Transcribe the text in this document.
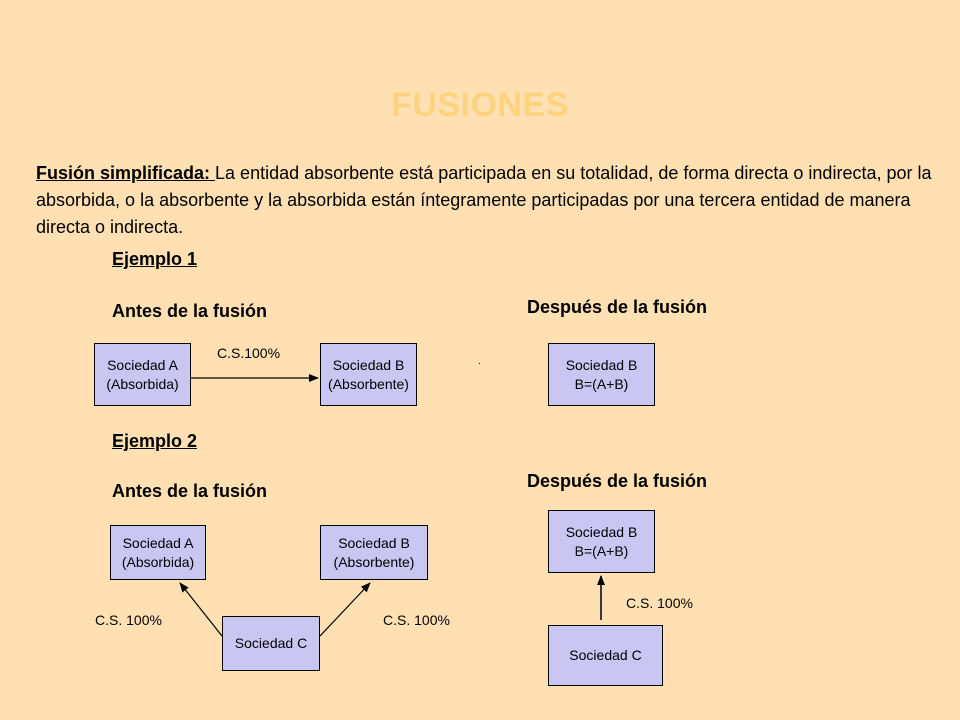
FUSIONES
Fusión simplificada: La entidad absorbente está participada en su totalidad, de forma directa o indirecta, por la absorbida, o la absorbente y la absorbida están íntegramente participadas por una tercera entidad de manera directa o indirecta.
Ejemplo 1
Antes de la fusión	Después de la fusión
Sociedad A
(Absorbida)
Sociedad B
(Absorbente)
C.S.100%
.	Sociedad B
B=(A+B)
Ejemplo 2
Antes de la fusión	Después de la fusión
Sociedad A
(Absorbida)
Sociedad B
(Absorbente)
Sociedad C
C.S. 100%	C.S. 100%
Sociedad B
B=(A+B)
Sociedad C
C.S. 100%
